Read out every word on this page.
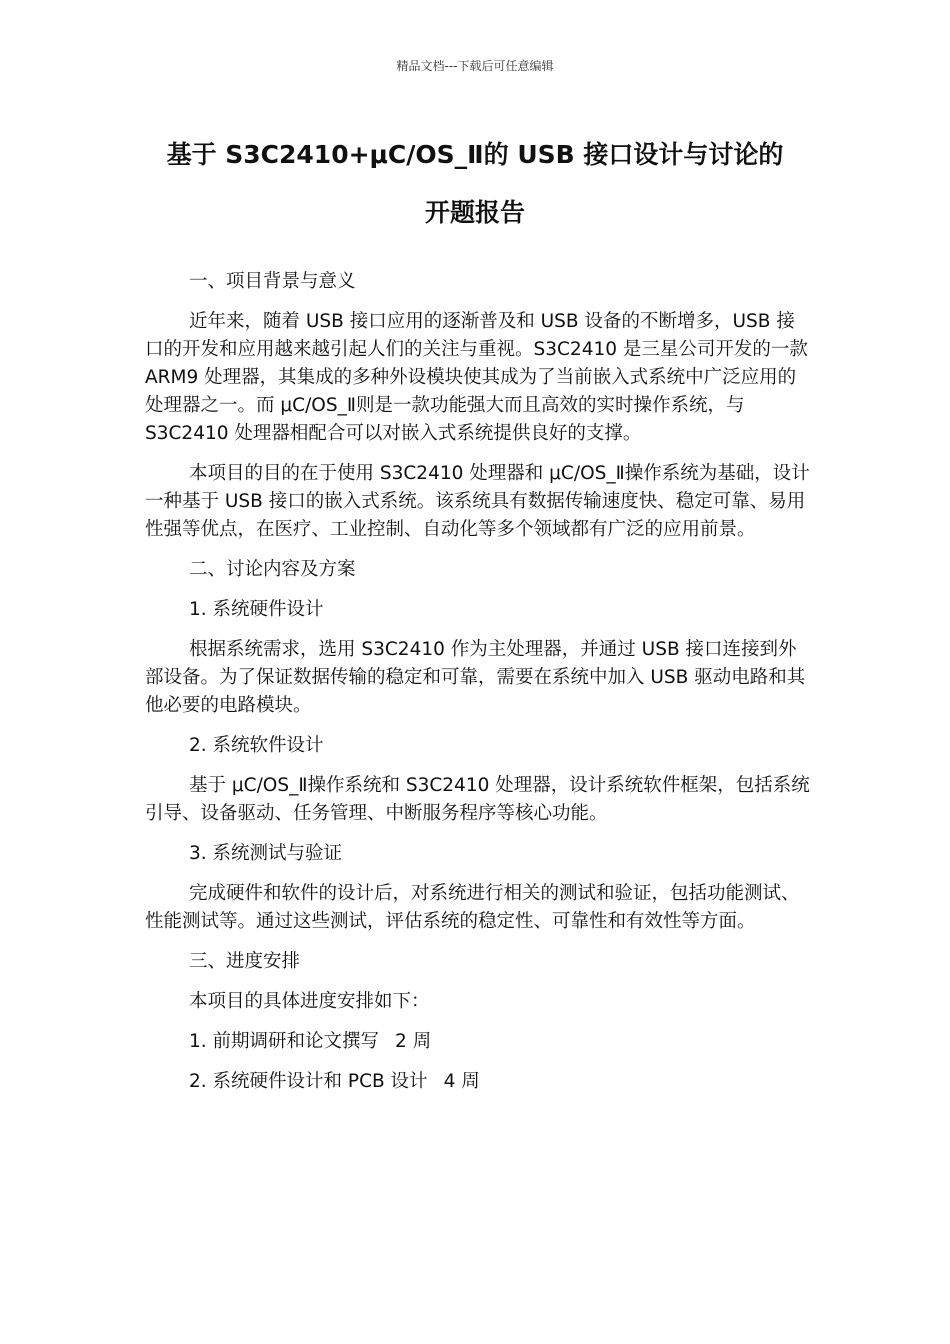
精品文档---下载后可任意编辑
基于 S3C2410+μC/OS_Ⅱ的 USB 接口设计与讨论的
开题报告
一、项目背景与意义
近年来，随着 USB 接口应用的逐渐普及和 USB 设备的不断增多，USB 接口的开发和应用越来越引起人们的关注与重视。S3C2410 是三星公司开发的一款 ARM9 处理器，其集成的多种外设模块使其成为了当前嵌入式系统中广泛应用的处理器之一。而 μC/OS_Ⅱ则是一款功能强大而且高效的实时操作系统，与 S3C2410 处理器相配合可以对嵌入式系统提供良好的支撑。
本项目的目的在于使用 S3C2410 处理器和 μC/OS_Ⅱ操作系统为基础，设计一种基于 USB 接口的嵌入式系统。该系统具有数据传输速度快、稳定可靠、易用性强等优点，在医疗、工业控制、自动化等多个领域都有广泛的应用前景。
二、讨论内容及方案
1. 系统硬件设计
根据系统需求，选用 S3C2410 作为主处理器，并通过 USB 接口连接到外部设备。为了保证数据传输的稳定和可靠，需要在系统中加入 USB 驱动电路和其他必要的电路模块。
2. 系统软件设计
基于 μC/OS_Ⅱ操作系统和 S3C2410 处理器，设计系统软件框架，包括系统引导、设备驱动、任务管理、中断服务程序等核心功能。
3. 系统测试与验证
完成硬件和软件的设计后，对系统进行相关的测试和验证，包括功能测试、性能测试等。通过这些测试，评估系统的稳定性、可靠性和有效性等方面。
三、进度安排
本项目的具体进度安排如下：
1. 前期调研和论文撰写 2 周
2. 系统硬件设计和 PCB 设计 4 周
